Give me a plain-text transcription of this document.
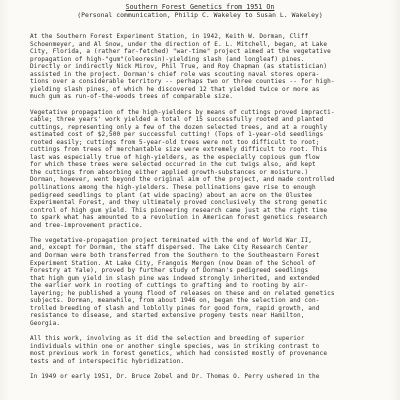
Southern Forest Genetics from 1951 On

(Personal communication, Philip C. Wakeley to Susan L. Wakeley)

At the Southern Forest Experiment Station, in 1942, Keith W. Dorman, Cliff
Schoenmeyer, and Al Snow, under the direction of E. L. Mitchell, began, at Lake
City, Florida, a (rather far-fetched) "war-time" project aimed at the vegetative
propagation of high-"gum"(oleoresin)-yielding slash (and longleaf) pines.
Directly or indirectly Nick Mirov, Phil True, and Roy Chapman (as statistician)
assisted in the project. Dorman's chief role was scouting naval stores opera-
tions over a considerable territory -- perhaps two or three counties -- for high-
yielding slash pines, of which he discovered 12 that yielded twice or more as
much gum as run-of-the-woods trees of comparable size.

Vegetative propagation of the high-yielders by means of cuttings proved impracti-
cable; three years' work yielded a total of 15 successfully rooted and planted
cuttings, representing only a few of the dozen selected trees, and at a roughly
estimated cost of $2,500 per successful cutting! (Tops of 1-year-old seedlings
rooted easily; cuttings from 5-year-old trees were not too difficult to root;
cuttings from trees of merchantable size were extremely difficult to root. This
last was especially true of high-yielders, as the especially copious gum flow
for which these trees were selected occurred in the cut twigs also, and kept
the cuttings from absorbing either applied growth-substances or moisture.)
Dorman, however, went beyond the original aim of the project, and made controlled
pollinations among the high-yielders. These pollinations gave rise to enough
pedigreed seedlings to plant (at wide spacing) about an acre on the Olustee
Experimental Forest, and they ultimately proved conclusively the strong genetic
control of high gum yield. This pioneering research came just at the right time
to spark what has amounted to a revolution in American forest genetics research
and tree-improvement practice.

The vegetative-propagation project terminated with the end of World War II,
and, except for Dorman, the staff dispersed. The Lake City Research Center
and Dorman were both transferred from the Southern to the Southeastern Forest
Experiment Station. At Lake City, Frangois Mergen (now Dean of the School of
Forestry at Yale), proved by further study of Dorman's pedigreed seedlings
that high gum yield in slash pine was indeed strongly inherited, and extended
the earlier work in rooting of cuttings to grafting and to rooting by air-
layering; he published a young flood of releases on these and on related genetics
subjects. Dorman, meanwhile, from about 1946 on, began the selection and con-
trolled breeding of slash and loblolly pines for good form, rapid growth, and
resistance to disease, and started extensive progeny tests near Hamilton,
Georgia.

All this work, involving as it did the selection and breeding of superior
individuals within one or another single species, was in striking contrast to
most previous work in forest genetics, which had consisted mostly of provenance
tests and of interspecific hybridization.

In 1949 or early 1951, Dr. Bruce Zobel and Dr. Thomas O. Perry ushered in the
